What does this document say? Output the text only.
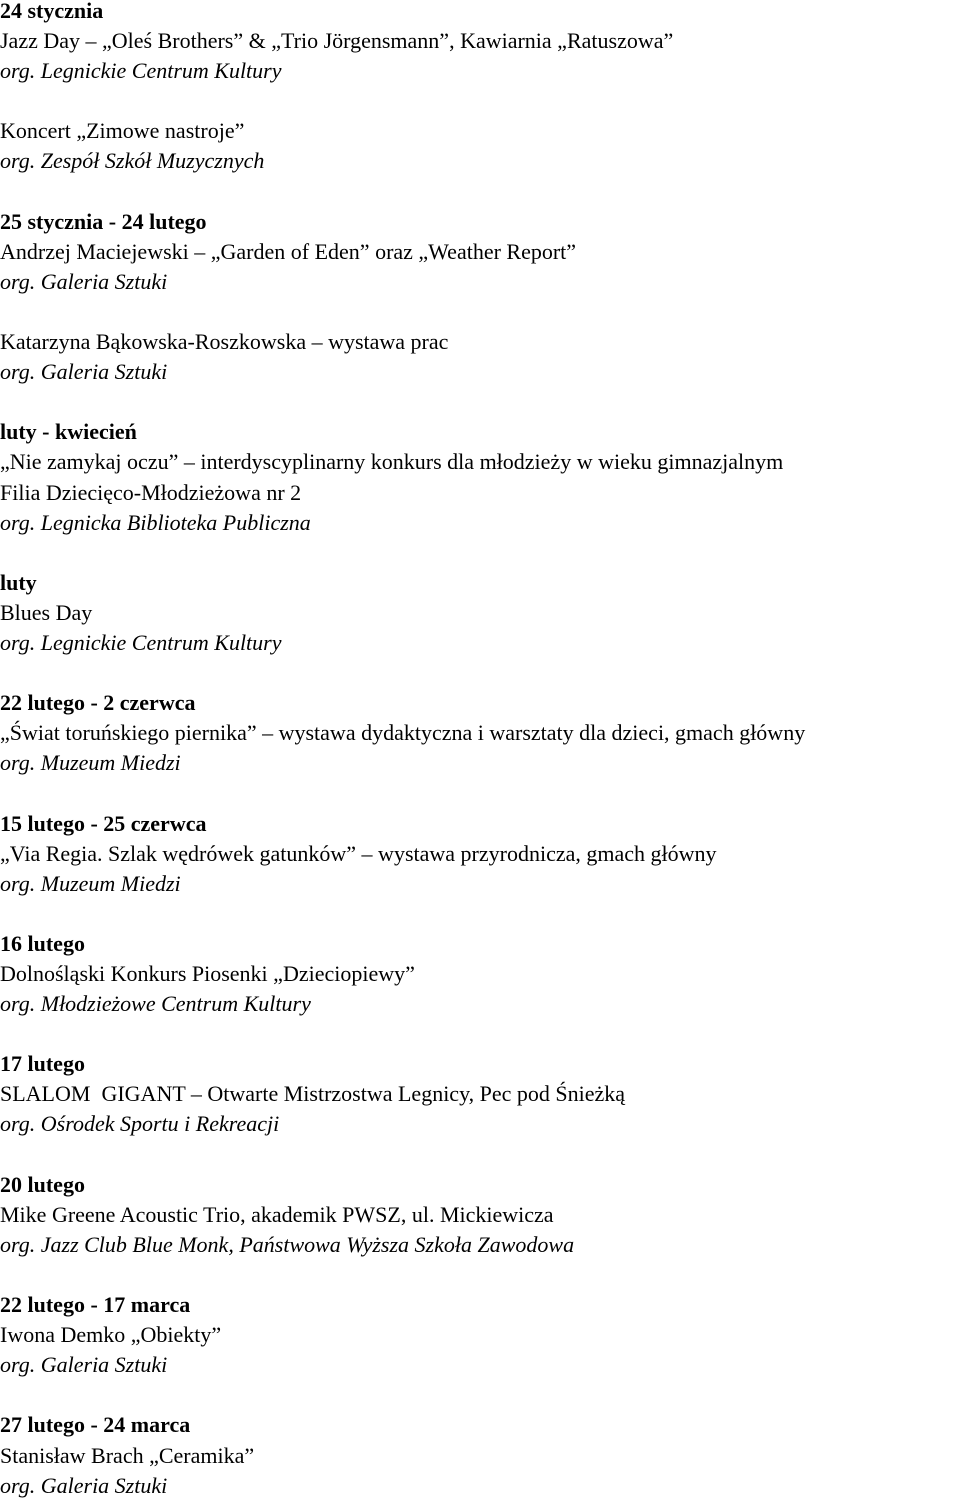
24 stycznia
Jazz Day – „Oleś Brothers” & „Trio Jörgensmann”, Kawiarnia „Ratuszowa”
org. Legnickie Centrum Kultury
Koncert „Zimowe nastroje”
org. Zespół Szkół Muzycznych
25 stycznia - 24 lutego
Andrzej Maciejewski – „Garden of Eden” oraz „Weather Report”
org. Galeria Sztuki
Katarzyna Bąkowska-Roszkowska – wystawa prac
org. Galeria Sztuki
luty - kwiecień
„Nie zamykaj oczu” – interdyscyplinarny konkurs dla młodzieży w wieku gimnazjalnym
Filia Dziecięco-Młodzieżowa nr 2
org. Legnicka Biblioteka Publiczna
luty
Blues Day
org. Legnickie Centrum Kultury
22 lutego - 2 czerwca
„Świat toruńskiego piernika” – wystawa dydaktyczna i warsztaty dla dzieci, gmach główny
org. Muzeum Miedzi
15 lutego - 25 czerwca
„Via Regia. Szlak wędrówek gatunków” – wystawa przyrodnicza, gmach główny
org. Muzeum Miedzi
16 lutego
Dolnośląski Konkurs Piosenki „Dzieciopiewy”
org. Młodzieżowe Centrum Kultury
17 lutego
SLALOM  GIGANT – Otwarte Mistrzostwa Legnicy, Pec pod Śnieżką
org. Ośrodek Sportu i Rekreacji
20 lutego
Mike Greene Acoustic Trio, akademik PWSZ, ul. Mickiewicza
org. Jazz Club Blue Monk, Państwowa Wyższa Szkoła Zawodowa
22 lutego - 17 marca
Iwona Demko „Obiekty”
org. Galeria Sztuki
27 lutego - 24 marca
Stanisław Brach „Ceramika”
org. Galeria Sztuki
